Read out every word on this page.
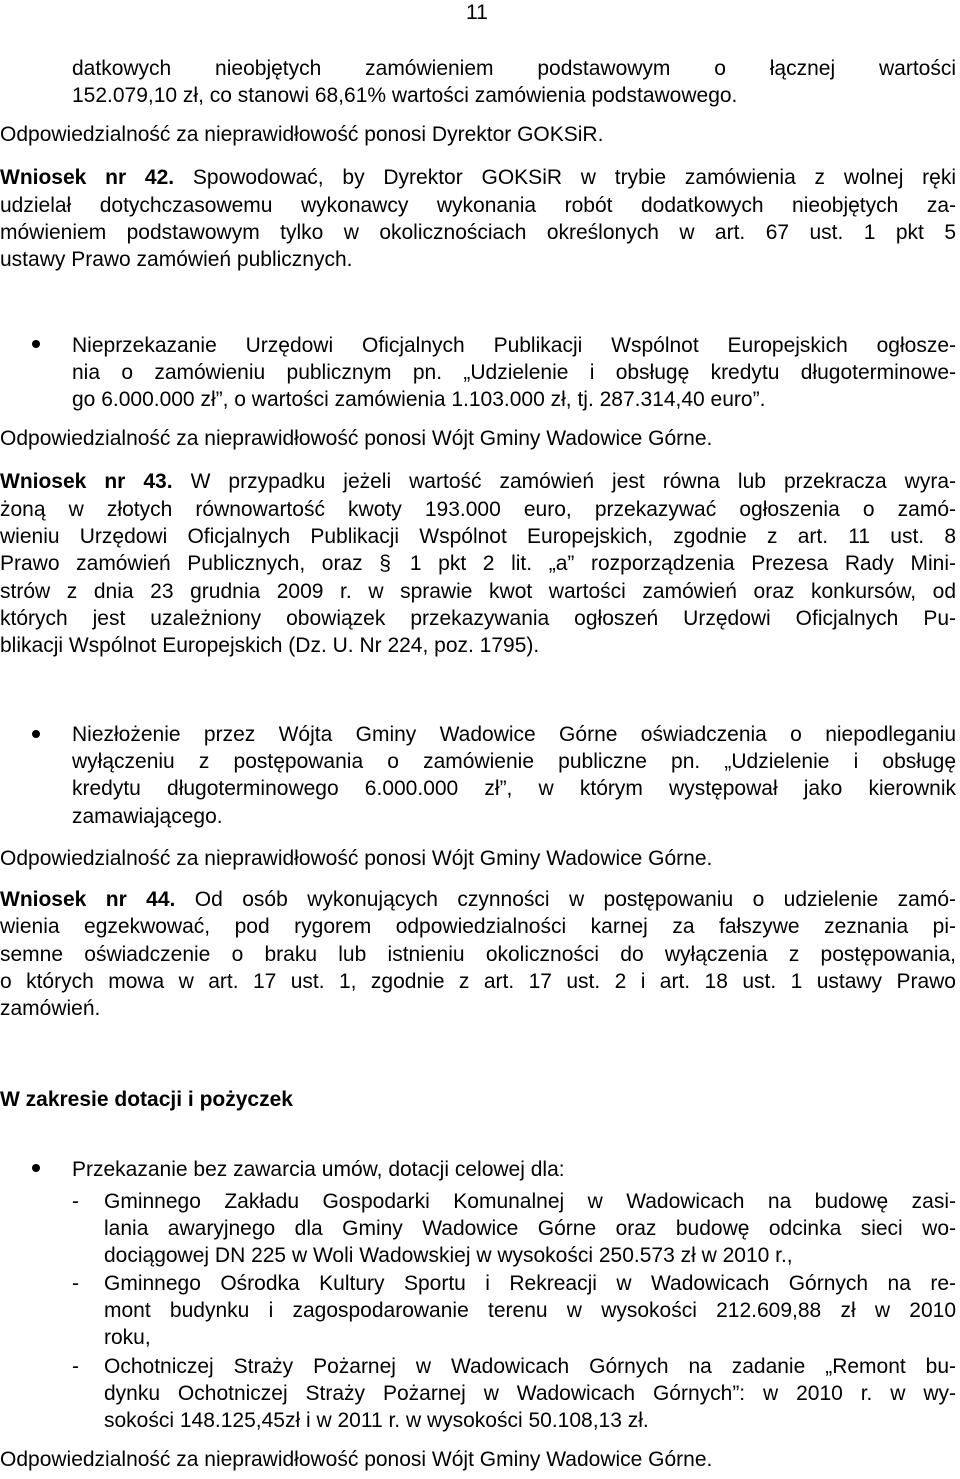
11
datkowych nieobjętych zamówieniem podstawowym o łącznej wartości
152.079,10 zł, co stanowi 68,61% wartości zamówienia podstawowego.
Odpowiedzialność za nieprawidłowość ponosi Dyrektor GOKSiR.
Wniosek nr 42. Spowodować, by Dyrektor GOKSiR w trybie zamówienia z wolnej ręki
udzielał dotychczasowemu wykonawcy wykonania robót dodatkowych nieobjętych za-
mówieniem podstawowym tylko w okolicznościach określonych w art. 67 ust. 1 pkt 5
ustawy Prawo zamówień publicznych.
Nieprzekazanie Urzędowi Oficjalnych Publikacji Wspólnot Europejskich ogłosze-
nia o zamówieniu publicznym pn. „Udzielenie i obsługę kredytu długoterminowe-
go 6.000.000 zł”, o wartości zamówienia 1.103.000 zł, tj. 287.314,40 euro”.
Odpowiedzialność za nieprawidłowość ponosi Wójt Gminy Wadowice Górne.
Wniosek nr 43. W przypadku jeżeli wartość zamówień jest równa lub przekracza wyra-
żoną w złotych równowartość kwoty 193.000 euro, przekazywać ogłoszenia o zamó-
wieniu Urzędowi Oficjalnych Publikacji Wspólnot Europejskich, zgodnie z art. 11 ust. 8
Prawo zamówień Publicznych, oraz § 1 pkt 2 lit. „a” rozporządzenia Prezesa Rady Mini-
strów z dnia 23 grudnia 2009 r. w sprawie kwot wartości zamówień oraz konkursów, od
których jest uzależniony obowiązek przekazywania ogłoszeń Urzędowi Oficjalnych Pu-
blikacji Wspólnot Europejskich (Dz. U. Nr 224, poz. 1795).
Niezłożenie przez Wójta Gminy Wadowice Górne oświadczenia o niepodleganiu
wyłączeniu z postępowania o zamówienie publiczne pn. „Udzielenie i obsługę
kredytu długoterminowego 6.000.000 zł”, w którym występował jako kierownik
zamawiającego.
Odpowiedzialność za nieprawidłowość ponosi Wójt Gminy Wadowice Górne.
Wniosek nr 44. Od osób wykonujących czynności w postępowaniu o udzielenie zamó-
wienia egzekwować, pod rygorem odpowiedzialności karnej za fałszywe zeznania pi-
semne oświadczenie o braku lub istnieniu okoliczności do wyłączenia z postępowania,
o których mowa w art. 17 ust. 1, zgodnie z art. 17 ust. 2 i art. 18 ust. 1 ustawy Prawo
zamówień.
W zakresie dotacji i pożyczek
Przekazanie bez zawarcia umów, dotacji celowej dla:
-	Gminnego Zakładu Gospodarki Komunalnej w Wadowicach na budowę zasi-
lania awaryjnego dla Gminy Wadowice Górne oraz budowę odcinka sieci wo-
dociągowej DN 225 w Woli Wadowskiej w wysokości 250.573 zł w 2010 r.,
-	Gminnego Ośrodka Kultury Sportu i Rekreacji w Wadowicach Górnych na re-
mont budynku i zagospodarowanie terenu w wysokości 212.609,88 zł w 2010
roku,
-	Ochotniczej Straży Pożarnej w Wadowicach Górnych na zadanie „Remont bu-
dynku Ochotniczej Straży Pożarnej w Wadowicach Górnych”: w 2010 r. w wy-
sokości 148.125,45zł i w 2011 r. w wysokości 50.108,13 zł.
Odpowiedzialność za nieprawidłowość ponosi Wójt Gminy Wadowice Górne.
